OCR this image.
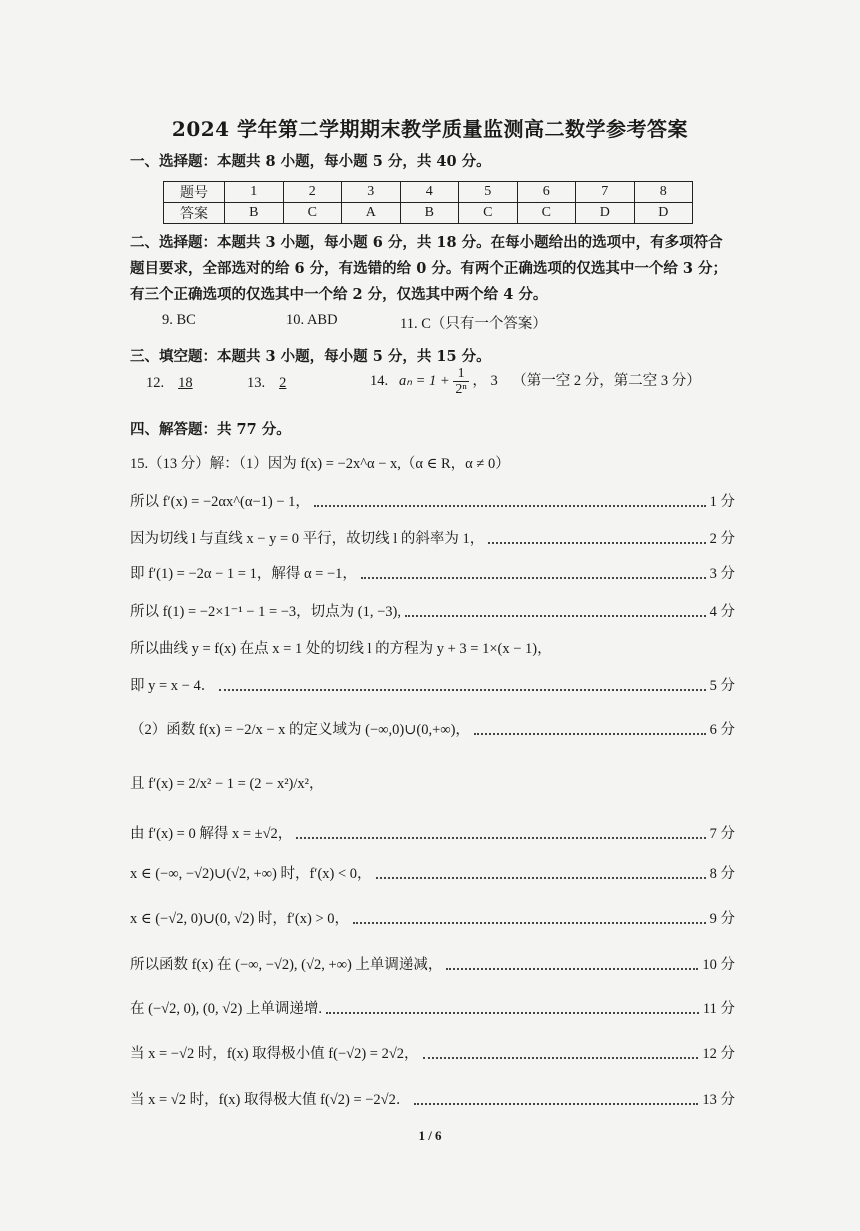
2024 学年第二学期期末教学质量监测高二数学参考答案
一、选择题：本题共 8 小题，每小题 5 分，共 40 分。
题号	1	2	3	4	5	6	7	8
答案	B	C	A	B	C	C	D	D
二、选择题：本题共 3 小题，每小题 6 分，共 18 分。在每小题给出的选项中，有多项符合题目要求，全部选对的给 6 分，有选错的给 0 分。有两个正确选项的仅选其中一个给 3 分；有三个正确选项的仅选其中一个给 2 分，仅选其中两个给 4 分。
9. BC	10. ABD	11. C（只有一个答案）
三、填空题：本题共 3 小题，每小题 5 分，共 15 分。
12. 18	13. 2	14. $a_n = 1 + \frac{1}{\text{2ⁿ}}$ ， 3 （第一空 2 分，第二空 3 分）
四、解答题：共 77 分。
15.（13 分）解：（1）因为 f(x) = −2x^α − x,（α ∈ R，α ≠ 0）
所以 f′(x) = −2αx^(α−1) − 1，	1 分
因为切线 l 与直线 x − y = 0 平行，故切线 l 的斜率为 1，	2 分
即 f′(1) = −2α − 1 = 1，解得 α = −1，	3 分
所以 f(1) = −2×1⁻¹ − 1 = −3，切点为 (1, −3),	4 分
所以曲线 y = f(x) 在点 x = 1 处的切线 l 的方程为 y + 3 = 1×(x − 1)，
即 y = x − 4．	5 分
（2）函数 f(x) = −2/x − x 的定义域为 (−∞,0)∪(0,+∞)，	6 分
且 f′(x) = 2/x² − 1 = (2 − x²)/x²，
由 f′(x) = 0 解得 x = ±√2，	7 分
x ∈ (−∞, −√2)∪(√2, +∞) 时，f′(x) < 0，	8 分
x ∈ (−√2, 0)∪(0, √2) 时，f′(x) > 0，	9 分
所以函数 f(x) 在 (−∞, −√2), (√2, +∞) 上单调递减，	10 分
在 (−√2, 0), (0, √2) 上单调递增.	11 分
当 x = −√2 时，f(x) 取得极小值 f(−√2) = 2√2，	12 分
当 x = √2 时，f(x) 取得极大值 f(√2) = −2√2．	13 分
1 / 6
